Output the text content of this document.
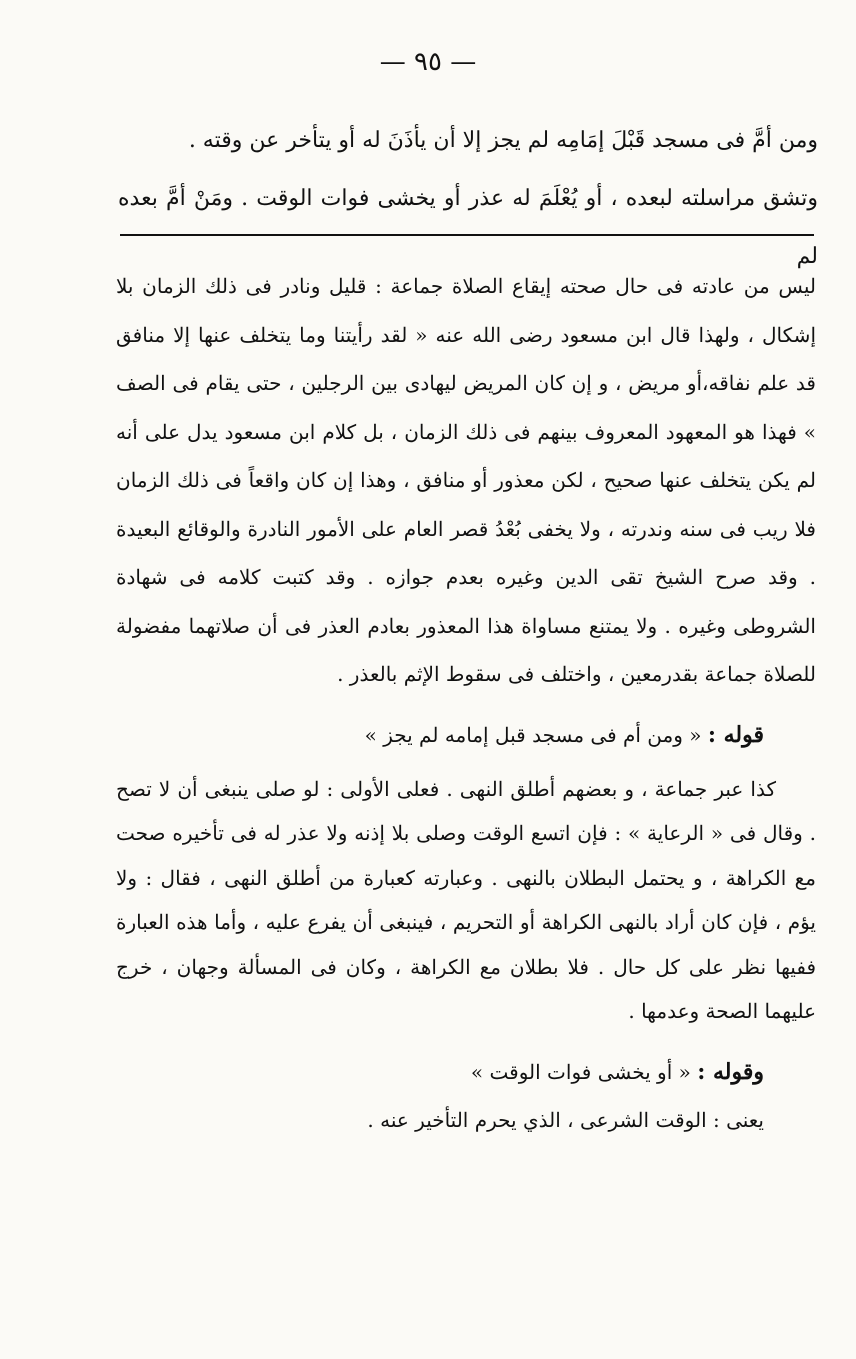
— ٩٥ —

ومن أمَّ فى مسجد قَبْلَ إمَامِه لم يجز إلا أن يأذَنَ له أو يتأخر عن وقته .

وتشق مراسلته لبعده ، أو يُعْلَمَ له عذر أو يخشى فوات الوقت . ومَنْ أمَّ بعده لم

ليس من عادته فى حال صحته إيقاع الصلاة جماعة : قليل ونادر فى ذلك الزمان بلا إشكال ، ولهذا قال ابن مسعود رضى الله عنه « لقد رأيتنا وما يتخلف عنها إلا منافق قد علم نفاقه،أو مريض ، و إن كان المريض ليهادى بين الرجلين ، حتى يقام فى الصف » فهذا هو المعهود المعروف بينهم فى ذلك الزمان ، بل كلام ابن مسعود يدل على أنه لم يكن يتخلف عنها صحيح ، لكن معذور أو منافق ، وهذا إن كان واقعاً فى ذلك الزمان فلا ريب فى سنه وندرته ، ولا يخفى بُعْدُ قصر العام على الأمور النادرة والوقائع البعيدة . وقد صرح الشيخ تقى الدين وغيره بعدم جوازه . وقد كتبت كلامه فى شهادة الشروطى وغيره . ولا يمتنع مساواة هذا المعذور بعادم العذر فى أن صلاتهما مفضولة للصلاة جماعة بقدرمعين ، واختلف فى سقوط الإثم بالعذر .

قوله : « ومن أم فى مسجد قبل إمامه لم يجز »

كذا عبر جماعة ، و بعضهم أطلق النهى . فعلى الأولى : لو صلى ينبغى أن لا تصح . وقال فى « الرعاية » : فإن اتسع الوقت وصلى بلا إذنه ولا عذر له فى تأخيره صحت مع الكراهة ، و يحتمل البطلان بالنهى . وعبارته كعبارة من أطلق النهى ، فقال : ولا يؤم ، فإن كان أراد بالنهى الكراهة أو التحريم ، فينبغى أن يفرع عليه ، وأما هذه العبارة ففيها نظر على كل حال . فلا بطلان مع الكراهة ، وكان فى المسألة وجهان ، خرج عليهما الصحة وعدمها .

وقوله : « أو يخشى فوات الوقت »

يعنى : الوقت الشرعى ، الذي يحرم التأخير عنه .
